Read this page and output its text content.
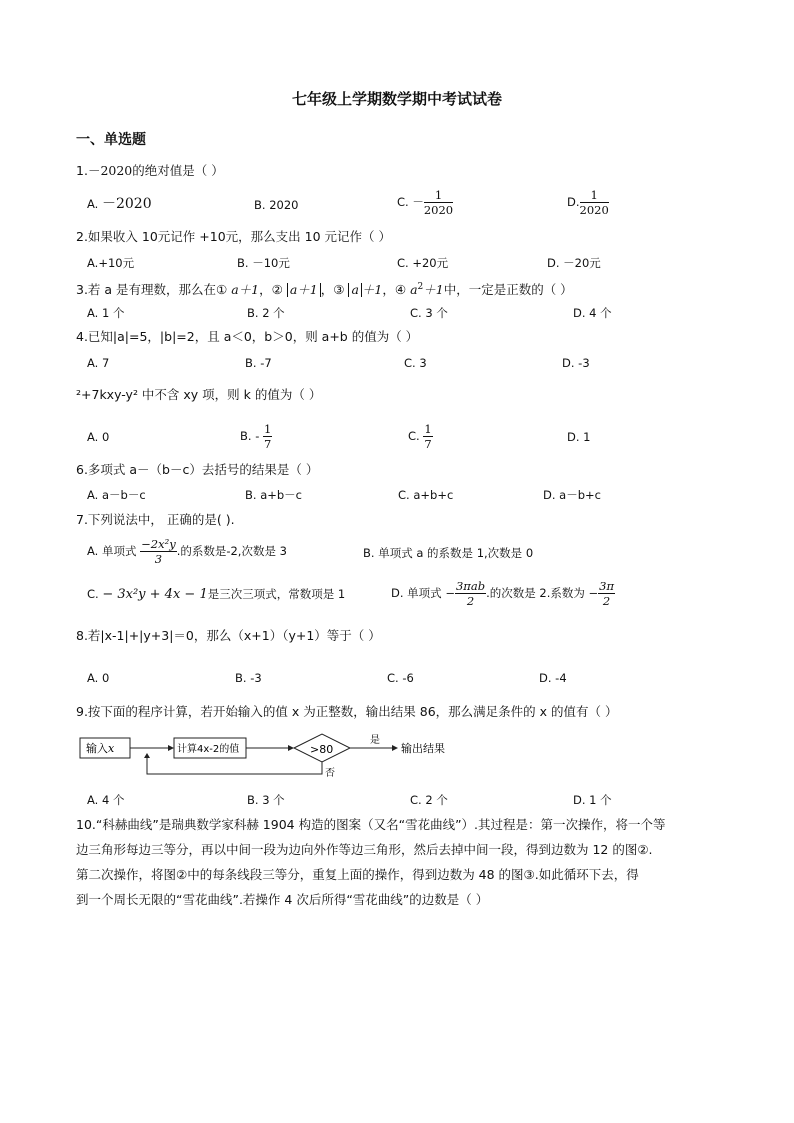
七年级上学期数学期中考试试卷
一、单选题
1.－2020的绝对值是（ ）
A. －2020	B. 2020	C. － $\frac{1}{2020}$	D. $\frac{1}{2020}$
2.如果收入 10元记作 +10元，那么支出 10 元记作（ ）
A.+10元	B. －10元	C. +20元	D. －20元
3.若 a 是有理数，那么在① a＋1，② a＋1 ，③ a ＋1，④ $a^2+1$中，一定是正数的（ ）
A. 1 个	B. 2 个	C. 3 个	D. 4 个
4.已知|a|=5，|b|=2，且 a＜0，b＞0，则 a+b 的值为（ ）
A. 7	B. -7	C. 3	D. -3
²+7kxy-y² 中不含 xy 项，则 k 的值为（ ）
A. 0	B. - $\frac{1}{7}$	C. $\frac{1}{7}$	D. 1
6.多项式 a－（b－c）去括号的结果是（ ）
A. a－b－c	B. a+b－c	C. a+b+c	D. a－b+c
7.下列说法中， 正确的是( ).
A. 单项式 $\frac{\text{−2x²y}}{3}$ .的系数是-2,次数是 3	B. 单项式 a 的系数是 1,次数是 0
C. − 3x²y + 4x − 1是三次三项式，常数项是 1	D. 单项式 − $\frac{\text{3πab}}{2}$ .的次数是 2.系数为 − $\frac{3\pi}{2}$
8.若|x-1|+|y+3|＝0，那么（x+1）（y+1）等于（ ）
A. 0	B. -3	C. -6	D. -4
9.按下面的程序计算，若开始输入的值 x 为正整数，输出结果 86，那么满足条件的 x 的值有（ ）
输入x	计算4x-2的值	>80
是
输出结果
否
A. 4 个	B. 3 个	C. 2 个	D. 1 个
10.“科赫曲线”是瑞典数学家科赫 1904 构造的图案（又名“雪花曲线”）.其过程是：第一次操作，将一个等
边三角形每边三等分，再以中间一段为边向外作等边三角形，然后去掉中间一段，得到边数为 12 的图②.
第二次操作，将图②中的每条线段三等分，重复上面的操作，得到边数为 48 的图③.如此循环下去，得
到一个周长无限的“雪花曲线”.若操作 4 次后所得“雪花曲线”的边数是（ ）
